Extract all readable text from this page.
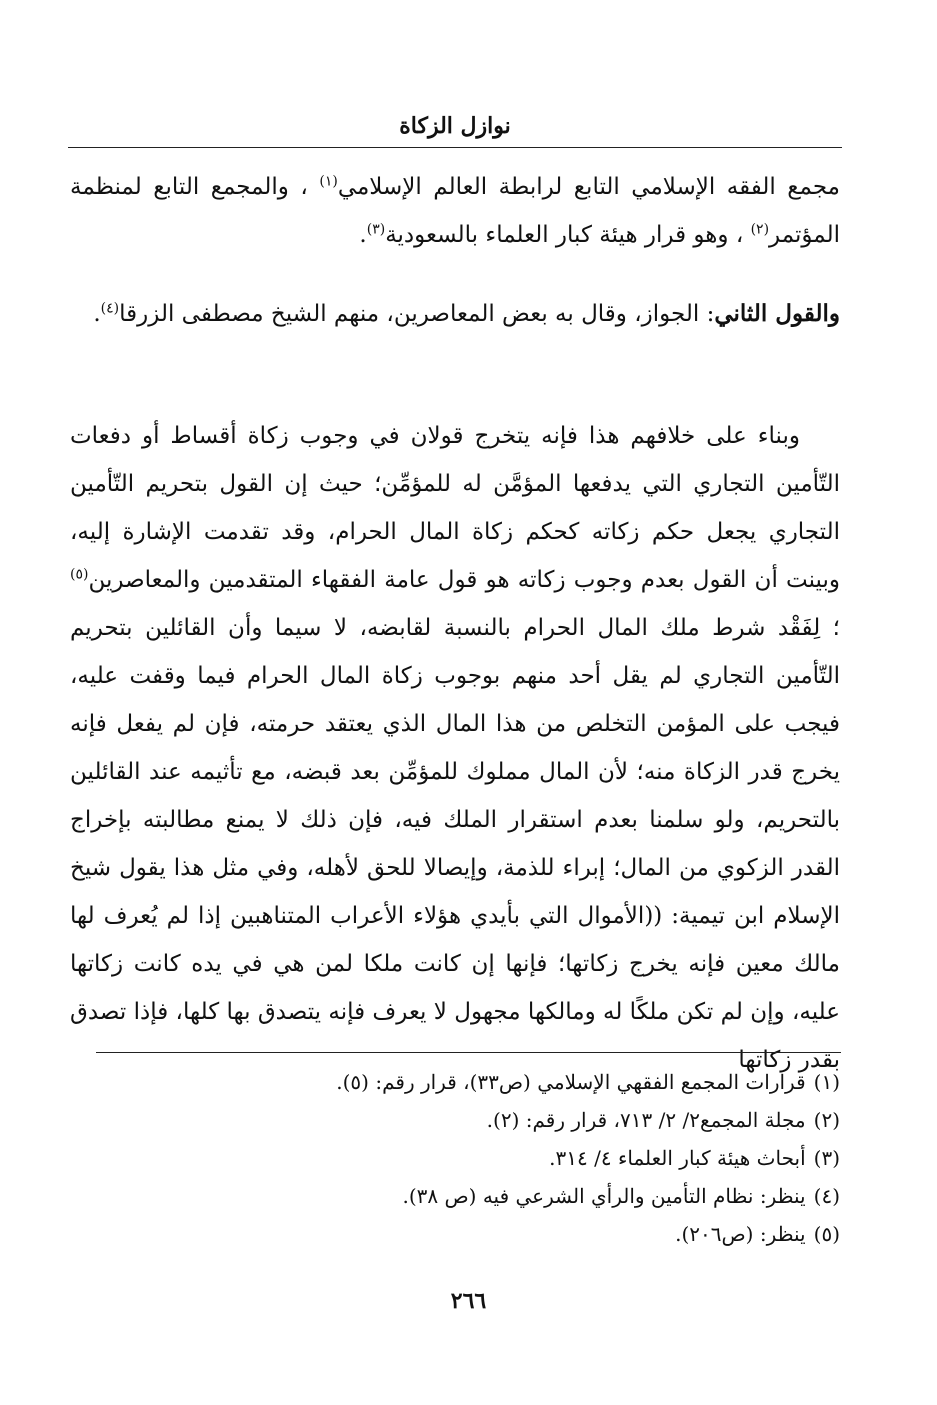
نوازل الزكاة

مجمع الفقه الإسلامي التابع لرابطة العالم الإسلامي$^{(١)}$ ، والمجمع التابع لمنظمة المؤتمر$^{(٢)}$ ، وهو قرار هيئة كبار العلماء بالسعودية$^{(٣)}$.

والقول الثاني: الجواز، وقال به بعض المعاصرين، منهم الشيخ مصطفى الزرقا$^{(٤)}$.

وبناء على خلافهم هذا فإنه يتخرج قولان في وجوب زكاة أقساط أو دفعات التّأمين التجاري التي يدفعها المؤمَّن له للمؤمِّن؛ حيث إن القول بتحريم التّأمين التجاري يجعل حكم زكاته كحكم زكاة المال الحرام، وقد تقدمت الإشارة إليه، وبينت أن القول بعدم وجوب زكاته هو قول عامة الفقهاء المتقدمين والمعاصرين$^{(٥)}$ ؛ لِفَقْد شرط ملك المال الحرام بالنسبة لقابضه، لا سيما وأن القائلين بتحريم التّأمين التجاري لم يقل أحد منهم بوجوب زكاة المال الحرام فيما وقفت عليه، فيجب على المؤمن التخلص من هذا المال الذي يعتقد حرمته، فإن لم يفعل فإنه يخرج قدر الزكاة منه؛ لأن المال مملوك للمؤمِّن بعد قبضه، مع تأثيمه عند القائلين بالتحريم، ولو سلمنا بعدم استقرار الملك فيه، فإن ذلك لا يمنع مطالبته بإخراج القدر الزكوي من المال؛ إبراء للذمة، وإيصالا للحق لأهله، وفي مثل هذا يقول شيخ الإسلام ابن تيمية: ((الأموال التي بأيدي هؤلاء الأعراب المتناهبين إذا لم يُعرف لها مالك معين فإنه يخرج زكاتها؛ فإنها إن كانت ملكا لمن هي في يده كانت زكاتها عليه، وإن لم تكن ملكًا له ومالكها مجهول لا يعرف فإنه يتصدق بها كلها، فإذا تصدق بقدر زكاتها

(١)قرارات المجمع الفقهي الإسلامي (ص٣٣)، قرار رقم: (٥).
(٢)مجلة المجمع٢/ ٢/ ٧١٣، قرار رقم: (٢).
(٣)أبحاث هيئة كبار العلماء ٤/ ٣١٤.
(٤)ينظر: نظام التأمين والرأي الشرعي فيه (ص ٣٨).
(٥)ينظر: (ص٢٠٦).
٢٦٦
